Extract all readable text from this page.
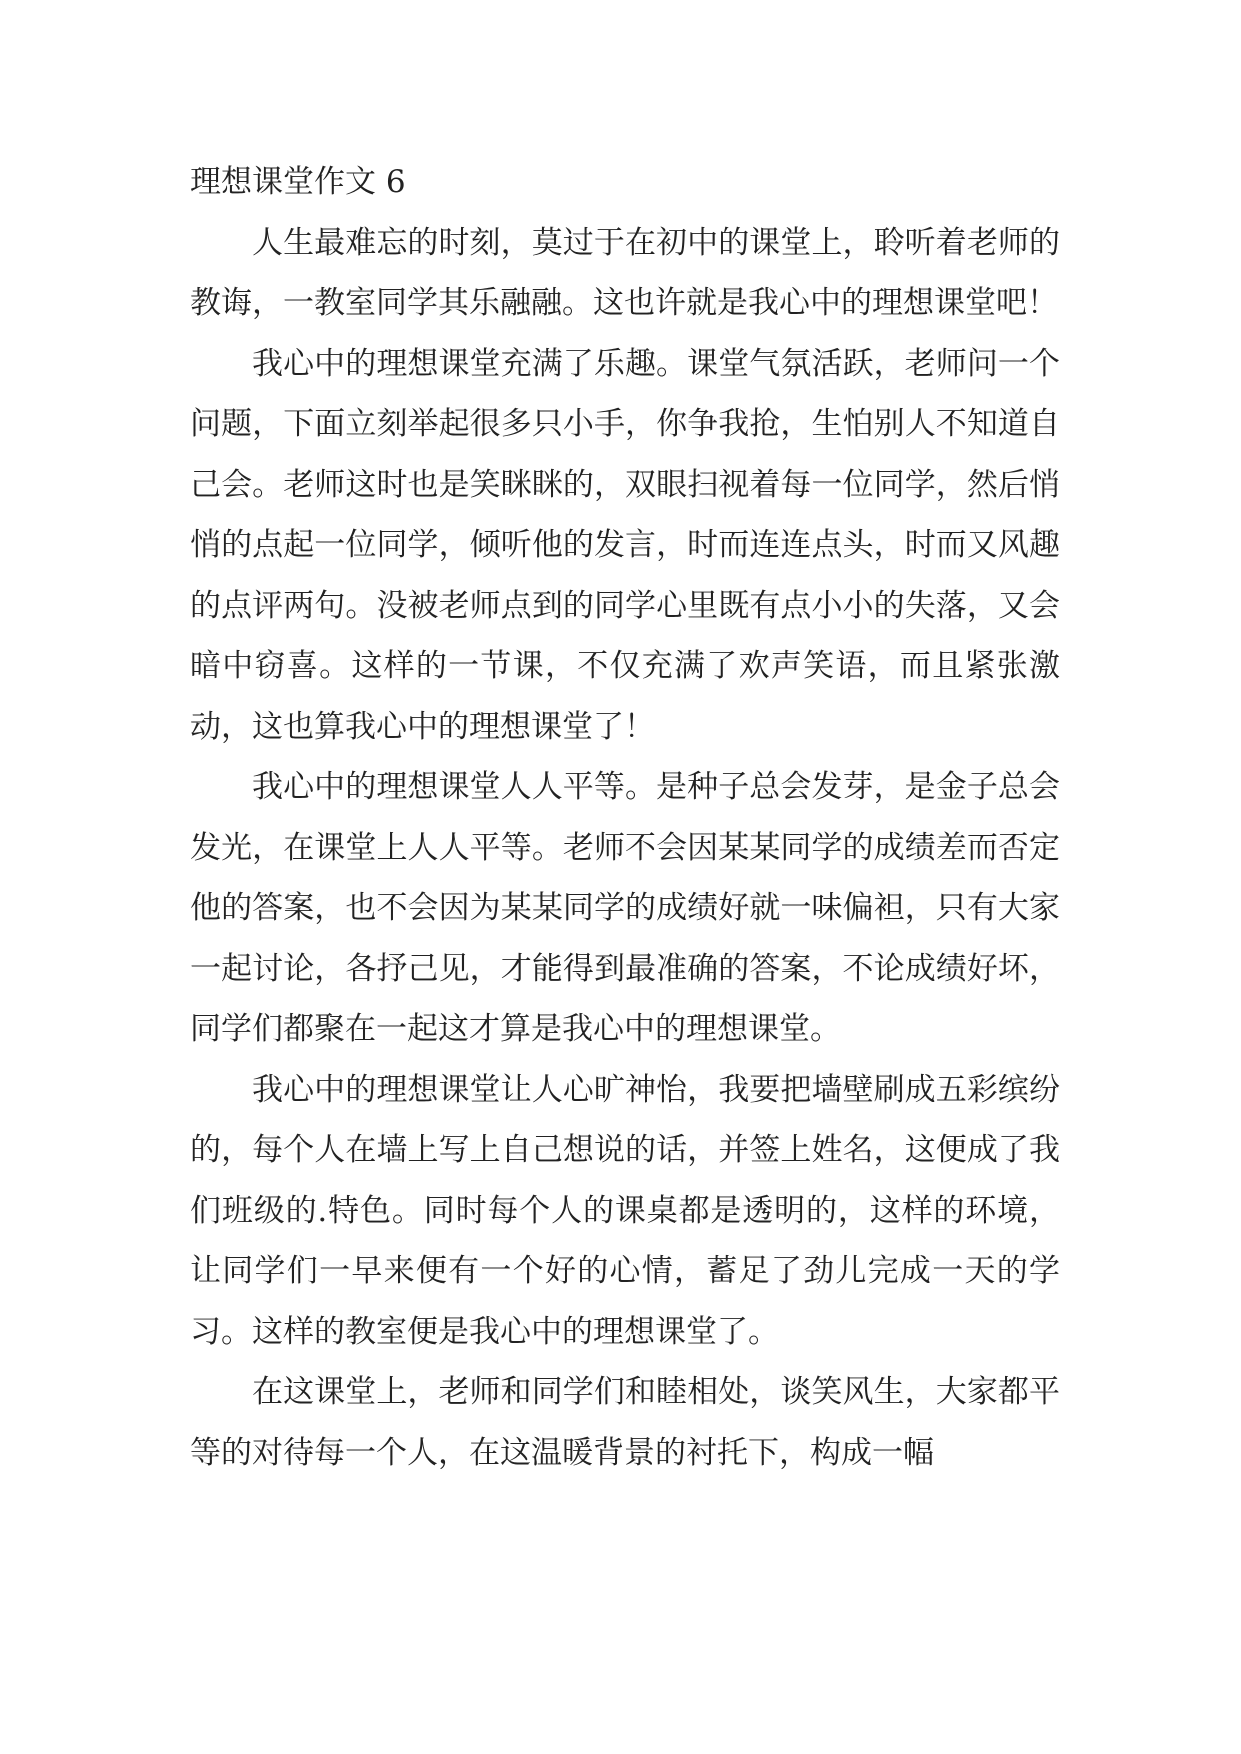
理想课堂作文 6

人生最难忘的时刻，莫过于在初中的课堂上，聆听着老师的教诲，一教室同学其乐融融。这也许就是我心中的理想课堂吧！

我心中的理想课堂充满了乐趣。课堂气氛活跃，老师问一个问题，下面立刻举起很多只小手，你争我抢，生怕别人不知道自己会。老师这时也是笑眯眯的，双眼扫视着每一位同学，然后悄悄的点起一位同学，倾听他的发言，时而连连点头，时而又风趣的点评两句。没被老师点到的同学心里既有点小小的失落，又会暗中窃喜。这样的一节课，不仅充满了欢声笑语，而且紧张激动，这也算我心中的理想课堂了！

我心中的理想课堂人人平等。是种子总会发芽，是金子总会发光，在课堂上人人平等。老师不会因某某同学的成绩差而否定他的答案，也不会因为某某同学的成绩好就一味偏袒，只有大家一起讨论，各抒己见，才能得到最准确的答案，不论成绩好坏，同学们都聚在一起这才算是我心中的理想课堂。

我心中的理想课堂让人心旷神怡，我要把墙壁刷成五彩缤纷的，每个人在墙上写上自己想说的话，并签上姓名，这便成了我们班级的.特色。同时每个人的课桌都是透明的，这样的环境，让同学们一早来便有一个好的心情，蓄足了劲儿完成一天的学习。这样的教室便是我心中的理想课堂了。

在这课堂上，老师和同学们和睦相处，谈笑风生，大家都平等的对待每一个人，在这温暖背景的衬托下，构成一幅
